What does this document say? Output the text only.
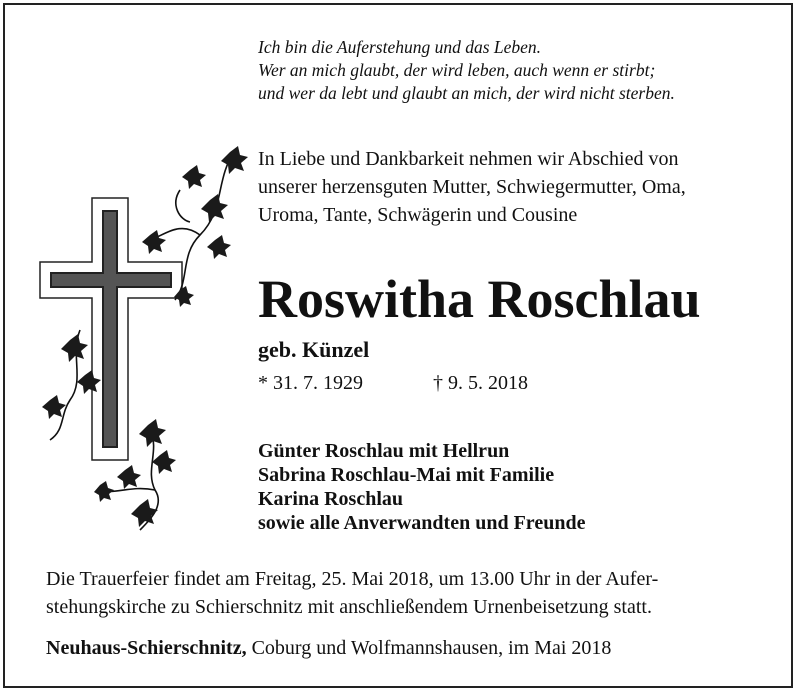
Ich bin die Auferstehung und das Leben.
Wer an mich glaubt, der wird leben, auch wenn er stirbt;
und wer da lebt und glaubt an mich, der wird nicht sterben.
In Liebe und Dankbarkeit nehmen wir Abschied von
unserer herzensguten Mutter, Schwiegermutter, Oma,
Uroma, Tante, Schwägerin und Cousine
Roswitha Roschlau
geb. Künzel
* 31. 7. 1929	† 9. 5. 2018
Günter Roschlau mit Hellrun
Sabrina Roschlau-Mai mit Familie
Karina Roschlau
sowie alle Anverwandten und Freunde
Die Trauerfeier findet am Freitag, 25. Mai 2018, um 13.00 Uhr in der Aufer-
stehungskirche zu Schierschnitz mit anschließendem Urnenbeisetzung statt.
Neuhaus-Schierschnitz, Coburg und Wolfmannshausen, im Mai 2018
